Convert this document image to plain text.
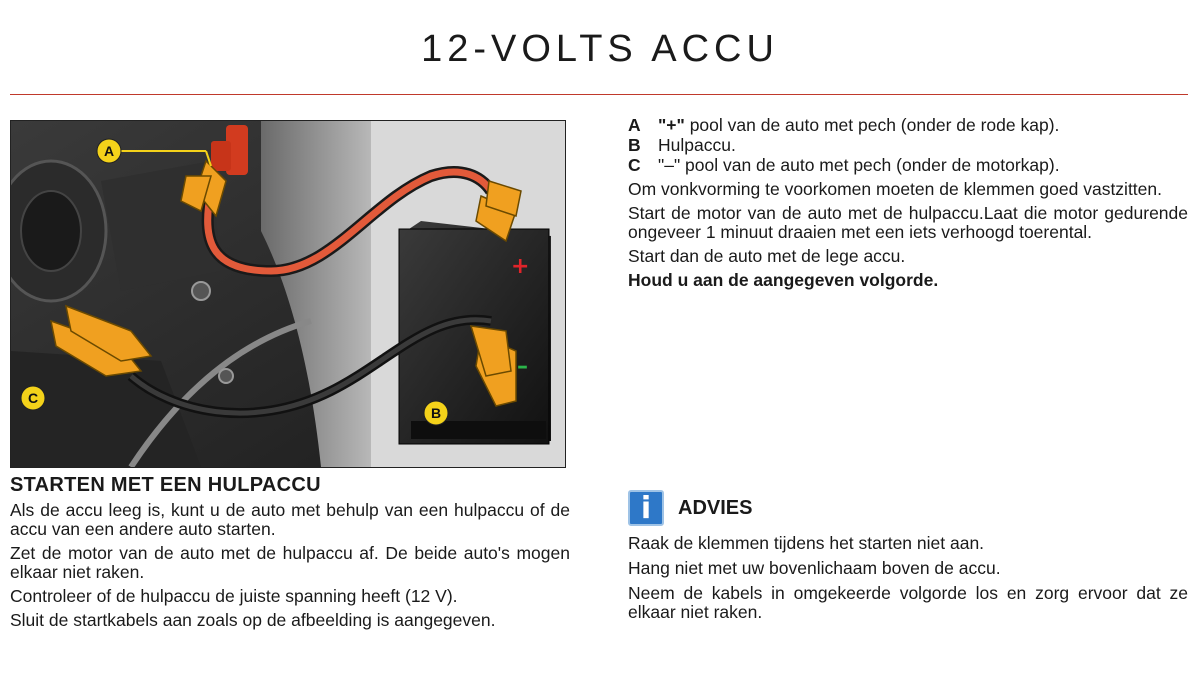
12-VOLTS ACCU
+
–
A
B
C
STARTEN MET EEN HULPACCU

Als de accu leeg is, kunt u de auto met behulp van een hulpaccu of de accu van een andere auto starten.

Zet de motor van de auto met de hulpaccu af. De beide auto's mogen elkaar niet raken.

Controleer of de hulpaccu de juiste spanning heeft (12 V).

Sluit de startkabels aan zoals op de afbeelding is aangegeven.

A "+" pool van de auto met pech (onder de rode kap).
B Hulpaccu.
C "–" pool van de auto met pech (onder de motorkap).

Om vonkvorming te voorkomen moeten de klemmen goed vastzitten.

Start de motor van de auto met de hulpaccu.Laat die motor gedurende ongeveer 1 minuut draaien met een iets verhoogd toerental.

Start dan de auto met de lege accu.

Houd u aan de aangegeven volgorde.

i	ADVIES

Raak de klemmen tijdens het starten niet aan.

Hang niet met uw bovenlichaam boven de accu.

Neem de kabels in omgekeerde volgorde los en zorg ervoor dat ze elkaar niet raken.
